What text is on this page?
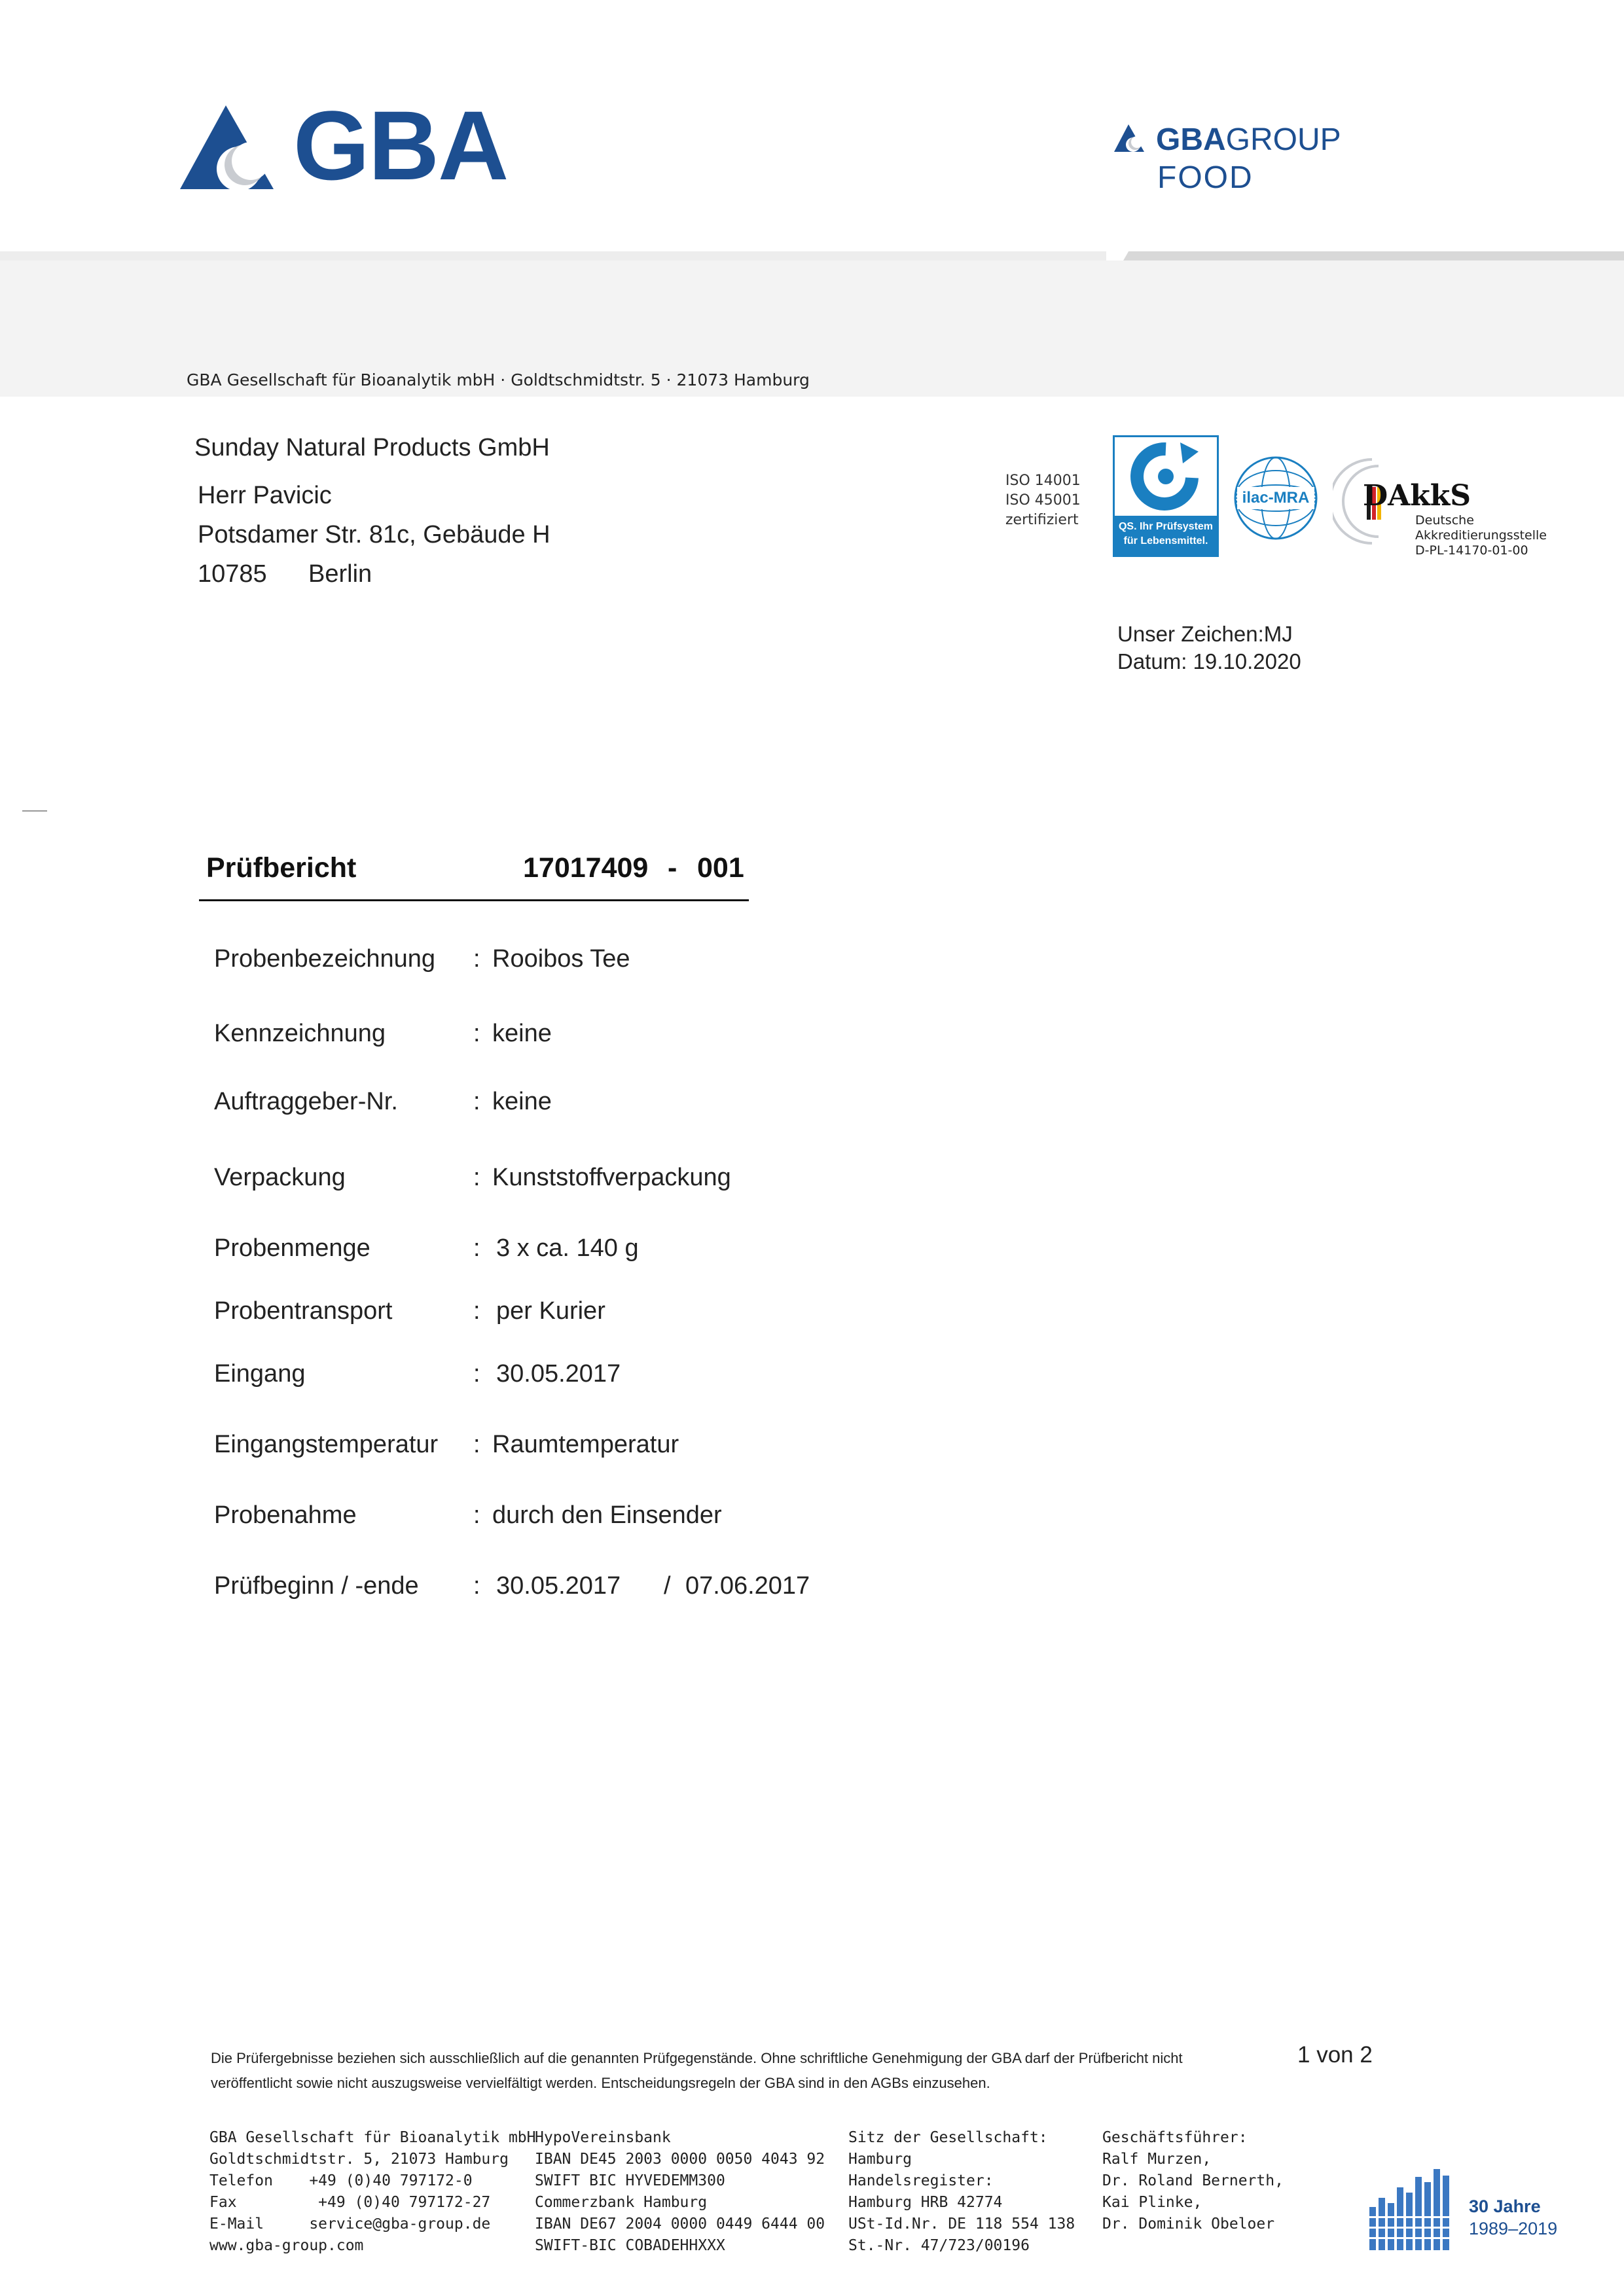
GBA	GBAGROUP
FOOD
GBA Gesellschaft für Bioanalytik mbH · Goldtschmidtstr. 5 · 21073 Hamburg
Sunday Natural Products GmbH
Herr Pavicic
Potsdamer Str. 81c, Gebäude H
10785 Berlin
ISO 14001
ISO 45001
zertifiziert	QS. Ihr Prüfsystem
für Lebensmittel.
ilac-MRA DAkkS
Deutsche
Akkreditierungsstelle
D-PL-14170-01-00
Unser Zeichen:MJ
Datum: 19.10.2020
Prüfbericht	17017409 - 001
Probenbezeichnung : Rooibos Tee
Kennzeichnung	: keine
Auftraggeber-Nr.	: keine
Verpackung	: Kunststoffverpackung
Probenmenge	: 3 x ca. 140 g
Probentransport	: per Kurier
Eingang	: 30.05.2017
Eingangstemperatur : Raumtemperatur
Probenahme	: durch den Einsender
Prüfbeginn / -ende : 30.05.2017 / 07.06.2017
Die Prüfergebnisse beziehen sich ausschließlich auf die genannten Prüfgegenstände. Ohne schriftliche Genehmigung der GBA darf der Prüfbericht nicht
veröffentlicht sowie nicht auszugsweise vervielfältigt werden. Entscheidungsregeln der GBA sind in den AGBs einzusehen.
1 von 2
GBA Gesellschaft für Bioanalytik mbH
Goldtschmidtstr. 5, 21073 Hamburg
Telefon    +49 (0)40 797172-0
Fax         +49 (0)40 797172-27
E-Mail     service@gba-group.de
www.gba-group.com
HypoVereinsbank
IBAN DE45 2003 0000 0050 4043 92
SWIFT BIC HYVEDEMM300
Commerzbank Hamburg
IBAN DE67 2004 0000 0449 6444 00
SWIFT-BIC COBADEHHXXX
Sitz der Gesellschaft:
Hamburg
Handelsregister:
Hamburg HRB 42774
USt-Id.Nr. DE 118 554 138
St.-Nr. 47/723/00196
Geschäftsführer:
Ralf Murzen,
Dr. Roland Bernerth,
Kai Plinke,
Dr. Dominik Obeloer
30 Jahre
1989–2019
